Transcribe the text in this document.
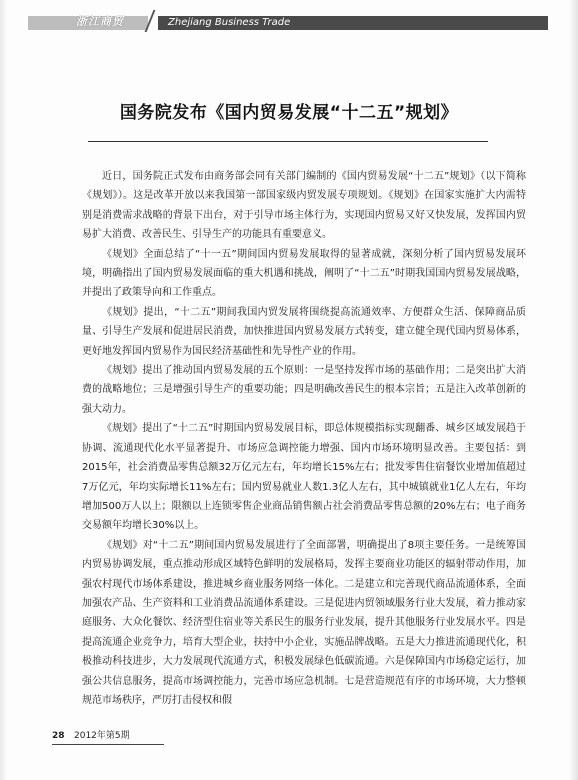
浙江商贸	Zhejiang Business Trade
国务院发布《国内贸易发展“十二五”规划》

近日，国务院正式发布由商务部会同有关部门编制的《国内贸易发展“十二五”规划》（以下简称《规划》）。这是改革开放以来我国第一部国家级内贸发展专项规划。《规划》在国家实施扩大内需特别是消费需求战略的背景下出台，对于引导市场主体行为，实现国内贸易又好又快发展，发挥国内贸易扩大消费、改善民生、引导生产的功能具有重要意义。

《规划》全面总结了“十一五”期间国内贸易发展取得的显著成就，深刻分析了国内贸易发展环境，明确指出了国内贸易发展面临的重大机遇和挑战，阐明了“十二五”时期我国国内贸易发展战略，并提出了政策导向和工作重点。

《规划》提出，“十二五”期间我国内贸发展将围绕提高流通效率、方便群众生活、保障商品质量、引导生产发展和促进居民消费，加快推进国内贸易发展方式转变，建立健全现代国内贸易体系，更好地发挥国内贸易作为国民经济基础性和先导性产业的作用。

《规划》提出了推动国内贸易发展的五个原则：一是坚持发挥市场的基础作用；二是突出扩大消费的战略地位；三是增强引导生产的重要功能；四是明确改善民生的根本宗旨；五是注入改革创新的强大动力。

《规划》提出了“十二五”时期国内贸易发展目标，即总体规模指标实现翻番、城乡区域发展趋于协调、流通现代化水平显著提升、市场应急调控能力增强、国内市场环境明显改善。主要包括：到2015年，社会消费品零售总额32万亿元左右，年均增长15%左右；批发零售住宿餐饮业增加值超过7万亿元，年均实际增长11%左右；国内贸易就业人数1.3亿人左右，其中城镇就业1亿人左右，年均增加500万人以上；限额以上连锁零售企业商品销售额占社会消费品零售总额的20%左右；电子商务交易额年均增长30%以上。

《规划》对“十二五”期间国内贸易发展进行了全面部署，明确提出了8项主要任务。一是统筹国内贸易协调发展，重点推动形成区域特色鲜明的发展格局，发挥主要商业功能区的辐射带动作用，加强农村现代市场体系建设，推进城乡商业服务网络一体化。二是建立和完善现代商品流通体系，全面加强农产品、生产资料和工业消费品流通体系建设。三是促进内贸领域服务行业大发展，着力推动家庭服务、大众化餐饮、经济型住宿业等关系民生的服务行业发展，提升其他服务行业发展水平。四是提高流通企业竞争力，培育大型企业，扶持中小企业，实施品牌战略。五是大力推进流通现代化，积极推动科技进步，大力发展现代流通方式，积极发展绿色低碳流通。六是保障国内市场稳定运行，加强公共信息服务，提高市场调控能力，完善市场应急机制。七是营造规范有序的市场环境，大力整顿规范市场秩序，严厉打击侵权和假

28 2012年第5期
